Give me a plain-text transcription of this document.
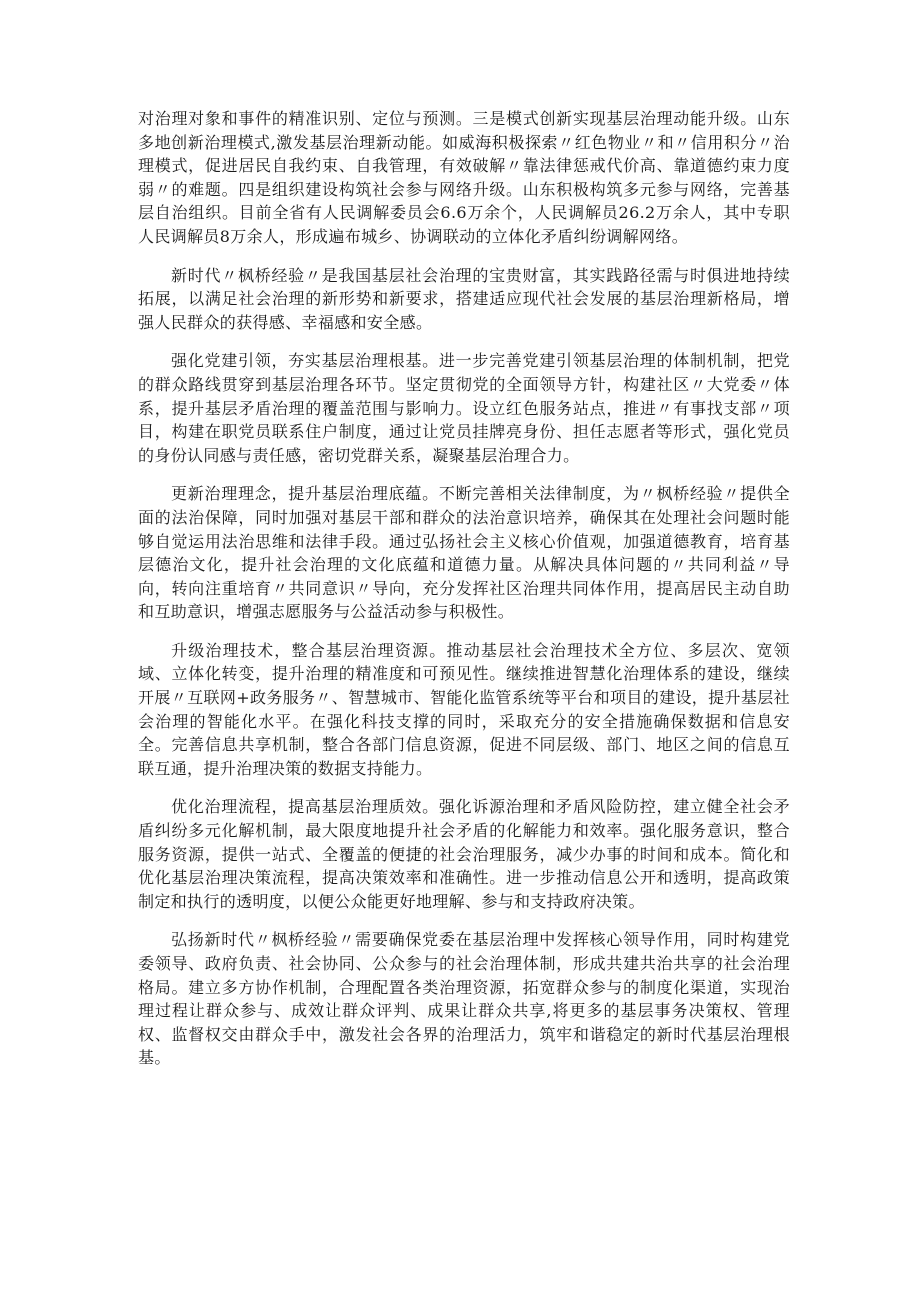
对治理对象和事件的精准识别、定位与预测。三是模式创新实现基层治理动能升级。山东多地创新治理模式,激发基层治理新动能。如威海积极探索〃红色物业〃和〃信用积分〃治理模式，促进居民自我约束、自我管理，有效破解〃靠法律惩戒代价高、靠道德约束力度弱〃的难题。四是组织建设构筑社会参与网络升级。山东积极构筑多元参与网络，完善基层自治组织。目前全省有人民调解委员会6.6万余个，人民调解员26.2万余人，其中专职人民调解员8万余人，形成遍布城乡、协调联动的立体化矛盾纠纷调解网络。

新时代〃枫桥经验〃是我国基层社会治理的宝贵财富，其实践路径需与时俱进地持续拓展，以满足社会治理的新形势和新要求，搭建适应现代社会发展的基层治理新格局，增强人民群众的获得感、幸福感和安全感。

强化党建引领，夯实基层治理根基。进一步完善党建引领基层治理的体制机制，把党的群众路线贯穿到基层治理各环节。坚定贯彻党的全面领导方针，构建社区〃大党委〃体系，提升基层矛盾治理的覆盖范围与影响力。设立红色服务站点，推进〃有事找支部〃项目，构建在职党员联系住户制度，通过让党员挂牌亮身份、担任志愿者等形式，强化党员的身份认同感与责任感，密切党群关系，凝聚基层治理合力。

更新治理理念，提升基层治理底蕴。不断完善相关法律制度，为〃枫桥经验〃提供全面的法治保障，同时加强对基层干部和群众的法治意识培养，确保其在处理社会问题时能够自觉运用法治思维和法律手段。通过弘扬社会主义核心价值观，加强道德教育，培育基层德治文化，提升社会治理的文化底蕴和道德力量。从解决具体问题的〃共同利益〃导向，转向注重培育〃共同意识〃导向，充分发挥社区治理共同体作用，提高居民主动自助和互助意识，增强志愿服务与公益活动参与积极性。

升级治理技术，整合基层治理资源。推动基层社会治理技术全方位、多层次、宽领域、立体化转变，提升治理的精准度和可预见性。继续推进智慧化治理体系的建设，继续开展〃互联网+政务服务〃、智慧城市、智能化监管系统等平台和项目的建设，提升基层社会治理的智能化水平。在强化科技支撑的同时，采取充分的安全措施确保数据和信息安全。完善信息共享机制，整合各部门信息资源，促进不同层级、部门、地区之间的信息互联互通，提升治理决策的数据支持能力。

优化治理流程，提高基层治理质效。强化诉源治理和矛盾风险防控，建立健全社会矛盾纠纷多元化解机制，最大限度地提升社会矛盾的化解能力和效率。强化服务意识，整合服务资源，提供一站式、全覆盖的便捷的社会治理服务，减少办事的时间和成本。简化和优化基层治理决策流程，提高决策效率和准确性。进一步推动信息公开和透明，提高政策制定和执行的透明度，以便公众能更好地理解、参与和支持政府决策。

弘扬新时代〃枫桥经验〃需要确保党委在基层治理中发挥核心领导作用，同时构建党委领导、政府负责、社会协同、公众参与的社会治理体制，形成共建共治共享的社会治理格局。建立多方协作机制，合理配置各类治理资源，拓宽群众参与的制度化渠道，实现治理过程让群众参与、成效让群众评判、成果让群众共享,将更多的基层事务决策权、管理权、监督权交由群众手中，激发社会各界的治理活力，筑牢和谐稳定的新时代基层治理根基。
